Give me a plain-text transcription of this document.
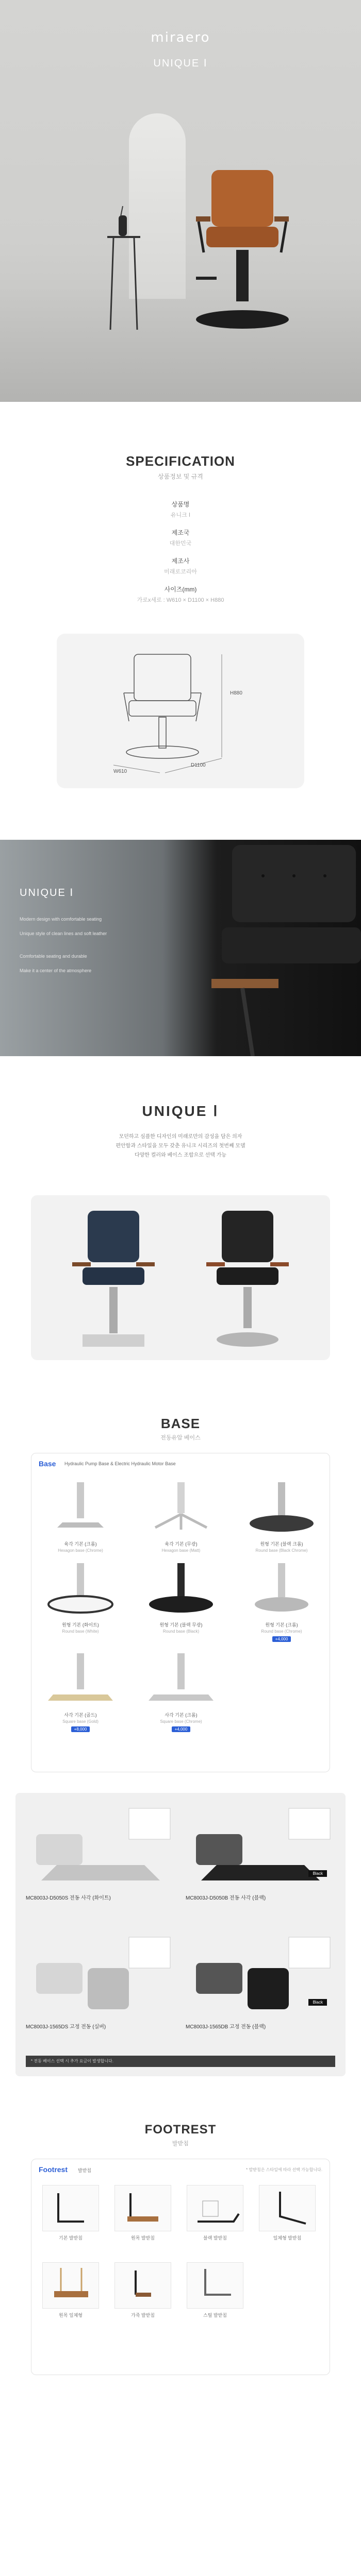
miraero
UNIQUE Ⅰ
SPECIFICATION
상품정보 및 규격
상품명
유니크 Ⅰ
제조국
대한민국
제조사
미래로코리아
사이즈(mm)
가로x세로 : W610 × D1100 × H880
H880
D1100
W610
UNIQUE Ⅰ
Modern design with comfortable seating
Unique style of clean lines and soft leather
Comfortable seating and durable
Make it a center of the atmosphere
UNIQUE Ⅰ
모던하고 심플한 디자인의 미래로만의 감성을 담은 의자
편안함과 스타일을 모두 갖춘 유니크 시리즈의 첫번째 모델
다양한 컬러와 베이스 조합으로 선택 가능
BASE
전동유압 베이스
Base Hydraulic Pump Base & Electric Hydraulic Motor Base
육각 기본 (크롬)
Hexagon base (Chrome)
육각 기본 (무광)
Hexagon base (Matt)
원형 기본 (블랙 크롬)
Round base (Black Chrome)
원형 기본 (화이트)
Round base (White)
원형 기본 (블랙 무광)
Round base (Black)
원형 기본 (크롬)
Round base (Chrome)
+4,000
사각 기본 (골드)
Square base (Gold)
+8,000
사각 기본 (크롬)
Square base (Chrome)
+4,000
MC8003J-D5050S 전동 사각 (화이트)
Black
MC8003J-D5050B 전동 사각 (블랙)
MC8003J-1565DS 고정 전동 (실버)
Black
MC8003J-1565DB 고정 전동 (블랙)
* 전동 베이스 선택 시 추가 요금이 발생합니다.
FOOTREST
발받침
Footrest 발받침	* 발받침은 스타일에 따라 선택 가능합니다.
기본 발받침	원목 발받침	블랙 발받침	일체형 발받침
원목 일체형	가죽 발받침	스틸 발받침
